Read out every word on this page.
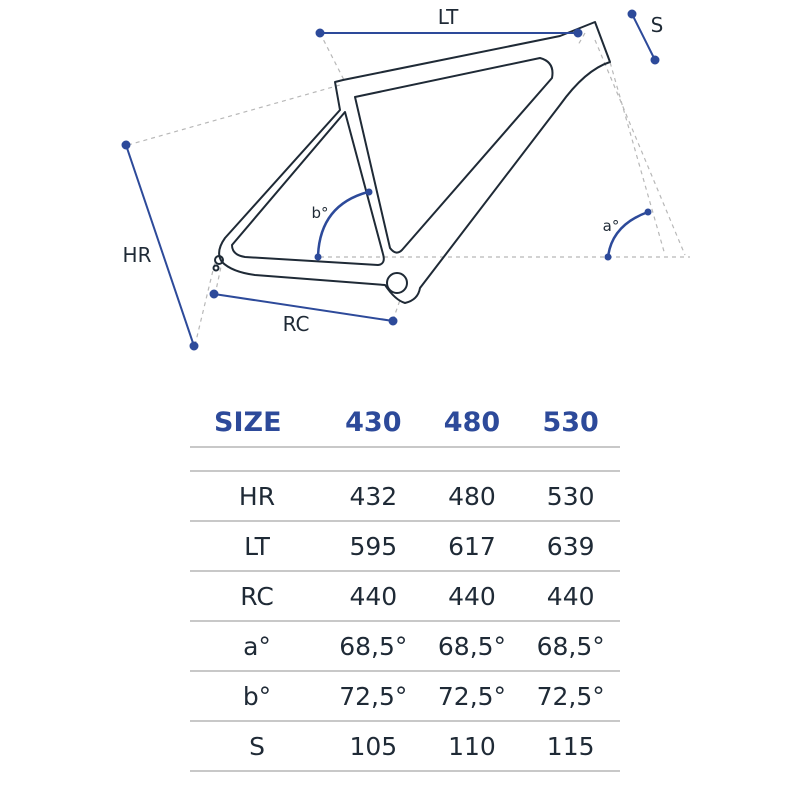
LT	S
HR
RC
b°
a°
SIZE	430	480	530

HR	432	480	530
LT	595	617	639
RC	440	440	440
a°	68,5°	68,5°	68,5°
b°	72,5°	72,5°	72,5°
S	105	110	115
